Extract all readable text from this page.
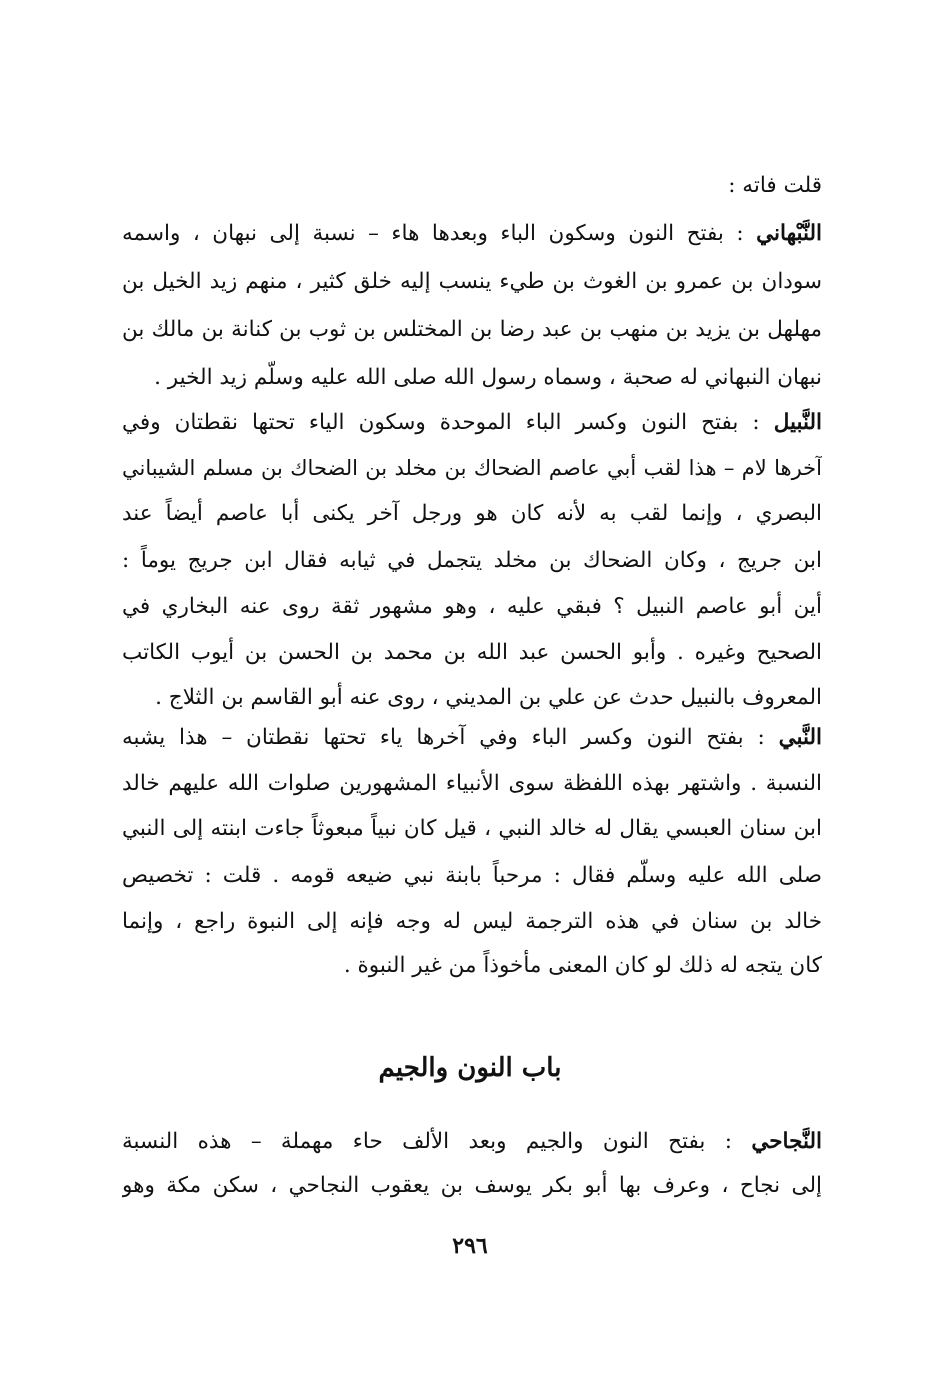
قلت فاته :
النَّبْهاني : بفتح النون وسكون الباء وبعدها هاء – نسبة إلى نبهان ، واسمه
سودان بن عمرو بن الغوث بن طيء ينسب إليه خلق كثير ، منهم زيد الخيل بن
مهلهل بن يزيد بن منهب بن عبد رضا بن المختلس بن ثوب بن كنانة بن مالك بن
نبهان النبهاني له صحبة ، وسماه رسول الله صلى الله عليه وسلّم زيد الخير .
النَّبيل : بفتح النون وكسر الباء الموحدة وسكون الياء تحتها نقطتان وفي
آخرها لام – هذا لقب أبي عاصم الضحاك بن مخلد بن الضحاك بن مسلم الشيباني
البصري ، وإنما لقب به لأنه كان هو ورجل آخر يكنى أبا عاصم أيضاً عند
ابن جريج ، وكان الضحاك بن مخلد يتجمل في ثيابه فقال ابن جريج يوماً :
أين أبو عاصم النبيل ؟ فبقي عليه ، وهو مشهور ثقة روى عنه البخاري في
الصحيح وغيره . وأبو الحسن عبد الله بن محمد بن الحسن بن أيوب الكاتب
المعروف بالنبيل حدث عن علي بن المديني ، روى عنه أبو القاسم بن الثلاج .
النَّبي : بفتح النون وكسر الباء وفي آخرها ياء تحتها نقطتان – هذا يشبه
النسبة . واشتهر بهذه اللفظة سوى الأنبياء المشهورين صلوات الله عليهم خالد
ابن سنان العبسي يقال له خالد النبي ، قيل كان نبياً مبعوثاً جاءت ابنته إلى النبي
صلى الله عليه وسلّم فقال : مرحباً بابنة نبي ضيعه قومه . قلت : تخصيص
خالد بن سنان في هذه الترجمة ليس له وجه فإنه إلى النبوة راجع ، وإنما
كان يتجه له ذلك لو كان المعنى مأخوذاً من غير النبوة .
باب النون والجيم
النَّجاحي : بفتح النون والجيم وبعد الألف حاء مهملة – هذه النسبة
إلى نجاح ، وعرف بها أبو بكر يوسف بن يعقوب النجاحي ، سكن مكة وهو
٢٩٦
